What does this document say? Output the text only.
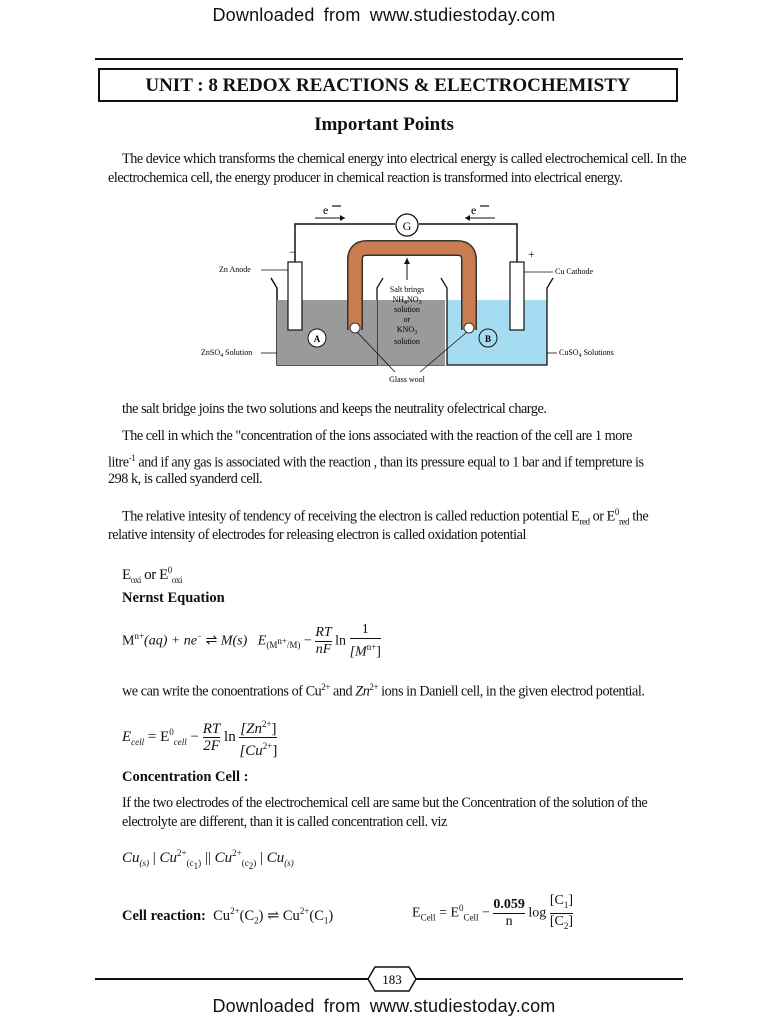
Downloaded from www.studiestoday.com
UNIT : 8 REDOX REACTIONS & ELECTROCHEMISTY
Important Points
The device which transforms the chemical energy into electrical energy is called electrochemical cell. In the electrochemica cell, the energy producer in chemical reaction is transformed into electrical energy.
G
e	e
−	+
Salt brings
$NH_4NO_3$
solution
or
$KNO_3$
solution
Glass wool
A	B
Zn Anode	Cu Cathode
ZnSO$_4$ Solution	CuSO$_4$ Solutions
the salt bridge joins the two solutions and keeps the neutrality ofelectrical charge.
The cell in which the "concentration of the ions associated with the reaction of the cell are 1 more
litre$^{-1}$ and if any gas is associated with the reaction , than its pressure equal to 1 bar and if tempreture is
298 k, is called syanderd cell.
The relative intesity of tendency of receiving the electron is called reduction potential $E_{red}$ or $E^0_{red}$ the
relative intensity of electrodes for releasing electron is called oxidation potential
$E_{oxi}$ or $E^0_{oxi}$
Nernst Equation
$M^{n+}(aq) + ne^-$ ⇌ M(s) $E_{(M^{n+}/M)} - \frac{RT}{nF}$ $\ln \frac{1}{[M^{n+}]}$
we can write the conoentrations of $Cu^{2+}$ and $Zn^{2+}$ ions in Daniell cell, in the given electrod potential.
$E_{cell} = E^0_{cell} - \frac{RT}{2F}$ $\ln \frac{[Zn^{2+}]}{[Cu^{2+}]}$
Concentration Cell :
If the two electrodes of the electrochemical cell are same but the Concentration of the solution of the electrolyte are different, than it is called concentration cell. viz
$Cu_{(s)}$ | $Cu^{2+}_{(c_1)}$ || $Cu^{2+}_{(c_2)}$ | $Cu_{(s)}$
Cell reaction: $Cu^{2+}(C_2)$ ⇌ $Cu^{2+}(C_1)$	$E_{Cell} = E^0_{Cell} - \frac{0.059}{n}$ $\log \frac{[C_1]}{[C_2]}$
183
Downloaded from www.studiestoday.com
